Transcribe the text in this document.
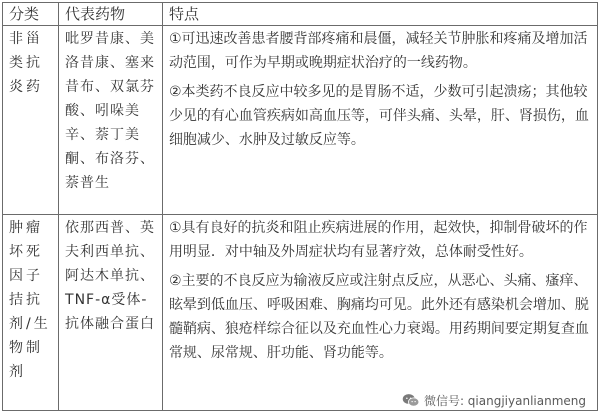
分类	代表药物	特点
非甾类抗炎药	吡罗昔康、美洛昔康、塞来昔布、双氯芬酸、吲哚美辛、萘丁美酮、布洛芬、萘普生	①可迅速改善患者腰背部疼痛和晨僵，减轻关节肿胀和疼痛及增加活动范围，可作为早期或晚期症状治疗的一线药物。

②本类药不良反应中较多见的是胃肠不适，少数可引起溃疡；其他较少见的有心血管疾病如高血压等，可伴头痛、头晕，肝、肾损伤，血细胞减少、水肿及过敏反应等。

肿瘤坏死因子拮抗剂/生物制剂	依那西普、英夫利西单抗、阿达木单抗、TNF-α受体-抗体融合蛋白	①具有良好的抗炎和阻止疾病进展的作用，起效快，抑制骨破坏的作用明显．对中轴及外周症状均有显著疗效，总体耐受性好。

②主要的不良反应为输液反应或注射点反应，从恶心、头痛、瘙痒、眩晕到低血压、呼吸困难、胸痛均可见。此外还有感染机会增加、脱髓鞘病、狼疮样综合征以及充血性心力衰竭。用药期间要定期复查血常规、尿常规、肝功能、肾功能等。

微信号: qiangjiyanlianmeng
